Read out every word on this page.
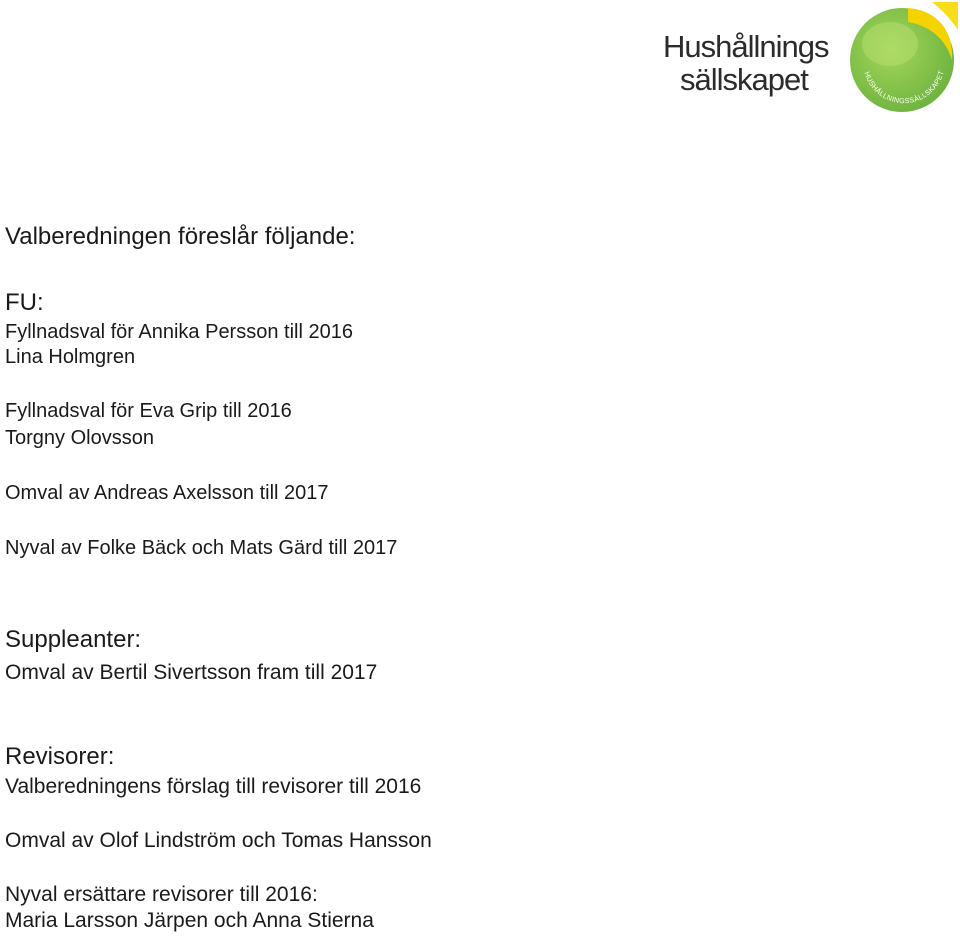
Hushållnings
sällskapet	HUSHÅLLNINGSSÄLLSKAPET
Valberedningen föreslår följande:
FU:
Fyllnadsval för Annika Persson till 2016
Lina Holmgren
Fyllnadsval för Eva Grip till 2016
Torgny Olovsson
Omval av Andreas Axelsson till 2017
Nyval av Folke Bäck och Mats Gärd till 2017
Suppleanter:
Omval av Bertil Sivertsson fram till 2017
Revisorer:
Valberedningens förslag till revisorer till 2016
Omval av Olof Lindström och Tomas Hansson
Nyval ersättare revisorer till 2016:
Maria Larsson Järpen och Anna Stierna
